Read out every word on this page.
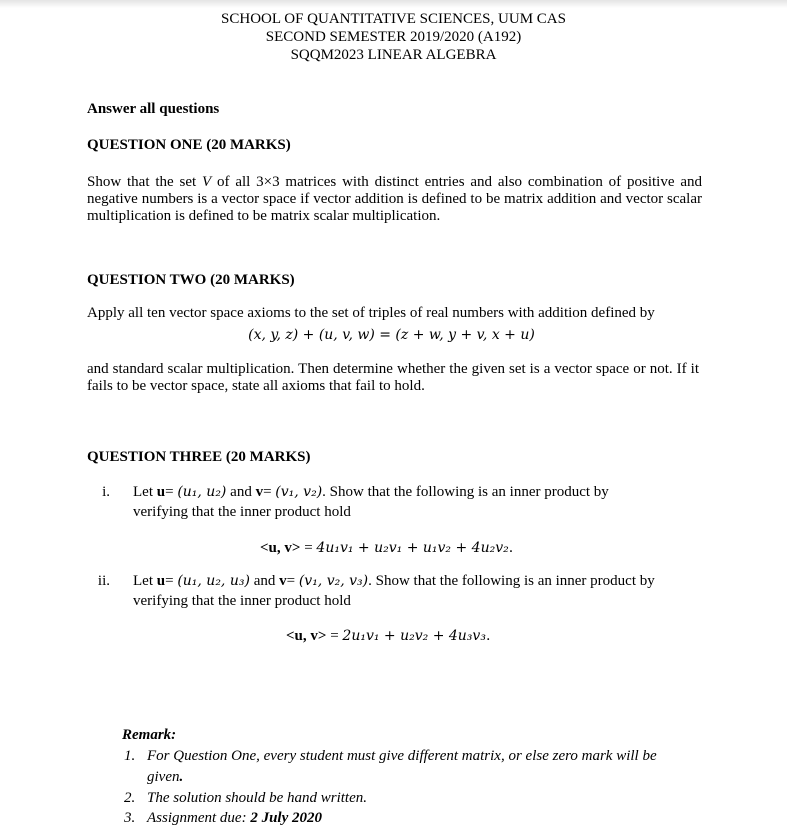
SCHOOL OF QUANTITATIVE SCIENCES, UUM CAS
SECOND SEMESTER 2019/2020 (A192)
SQQM2023 LINEAR ALGEBRA
Answer all questions
QUESTION ONE (20 MARKS)
Show that the set V of all 3×3 matrices with distinct entries and also combination of positive and negative numbers is a vector space if vector addition is defined to be matrix addition and vector scalar multiplication is defined to be matrix scalar multiplication.
QUESTION TWO (20 MARKS)
Apply all ten vector space axioms to the set of triples of real numbers with addition defined by
(x, y, z) + (u, v, w) = (z + w, y + v, x + u)
and standard scalar multiplication. Then determine whether the given set is a vector space or not. If it fails to be vector space, state all axioms that fail to hold.
QUESTION THREE (20 MARKS)
i. Let u= (u₁, u₂) and v= (v₁, v₂). Show that the following is an inner product by
verifying that the inner product hold
<u, v> = 4u₁v₁ + u₂v₁ + u₁v₂ + 4u₂v₂.
ii. Let u= (u₁, u₂, u₃) and v= (v₁, v₂, v₃). Show that the following is an inner product by
verifying that the inner product hold
<u, v> = 2u₁v₁ + u₂v₂ + 4u₃v₃.
Remark:
1. For Question One, every student must give different matrix, or else zero mark will be
given.
2. The solution should be hand written.
3. Assignment due: 2 July 2020
